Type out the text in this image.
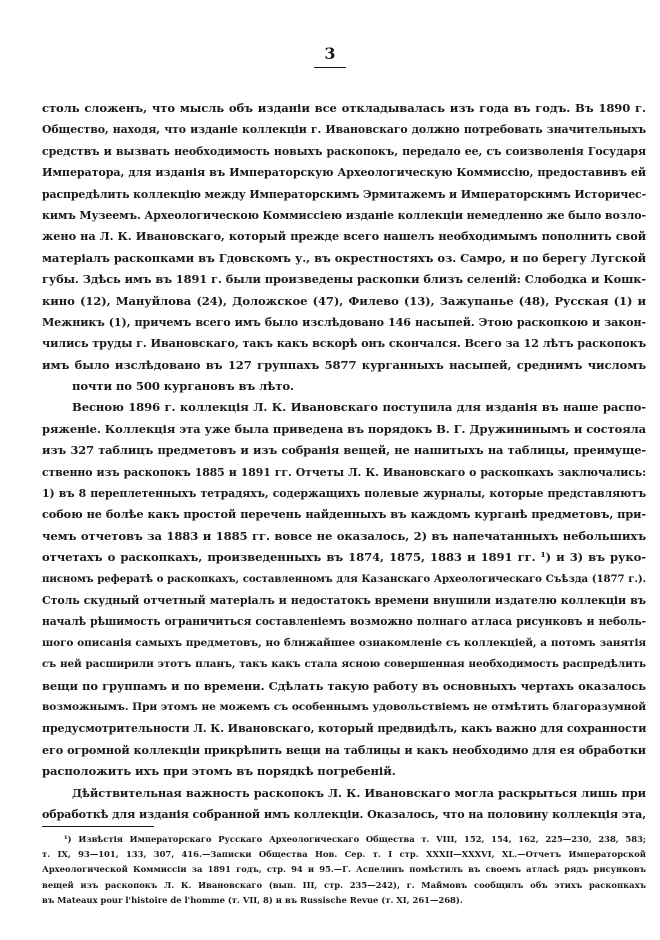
3
столь сложенъ, что мысль объ изданіи все откладывалась изъ года въ годъ. Въ 1890 г.
Общество, находя, что изданіе коллекціи г. Ивановскаго должно потребовать значительныхъ
средствъ и вызвать необходимость новыхъ раскопокъ, передало ее, съ соизволенія Государя
Императора, для изданія въ Императорскую Археологическую Коммиссію, предоставивъ ей
распредѣлить коллекцію между Императорскимъ Эрмитажемъ и Императорскимъ Историчес-
кимъ Музеемъ. Археологическою Коммиссіею изданіе коллекціи немедленно же было возло-
жено на Л. К. Ивановскаго, который прежде всего нашелъ необходимымъ пополнить свой
матеріалъ раскопками въ Гдовскомъ у., въ окрестностяхъ оз. Самро, и по берегу Лугской
губы. Здѣсь имъ въ 1891 г. были произведены раскопки близъ селеній: Слободка и Кошк-
кино (12), Мануйлова (24), Доложское (47), Филево (13), Зажупанье (48), Русская (1) и
Межникъ (1), причемъ всего имъ было изслѣдовано 146 насыпей. Этою раскопкою и закон-
чились труды г. Ивановскаго, такъ какъ вскорѣ онъ скончался. Всего за 12 лѣтъ раскопокъ
имъ было изслѣдовано въ 127 группахъ 5877 курганныхъ насыпей, среднимъ числомъ
почти по 500 кургановъ въ лѣто.
Весною 1896 г. коллекція Л. К. Ивановскаго поступила для изданія въ наше распо-
ряженіе. Коллекція эта уже была приведена въ порядокъ В. Г. Дружининымъ и состояла
изъ 327 таблицъ предметовъ и изъ собранія вещей, не нашитыхъ на таблицы, преимуще-
ственно изъ раскопокъ 1885 и 1891 гг. Отчеты Л. К. Ивановскаго о раскопкахъ заключались:
1) въ 8 переплетенныхъ тетрадяхъ, содержащихъ полевые журналы, которые представляютъ
собою не болѣе какъ простой перечень найденныхъ въ каждомъ курганѣ предметовъ, при-
чемъ отчетовъ за 1883 и 1885 гг. вовсе не оказалось, 2) въ напечатанныхъ небольшихъ
отчетахъ о раскопкахъ, произведенныхъ въ 1874, 1875, 1883 и 1891 гг. ¹) и 3) въ руко-
писномъ рефератѣ о раскопкахъ, составленномъ для Казанскаго Археологическаго Съѣзда (1877 г.).
Столь скудный отчетный матеріалъ и недостатокъ времени внушили издателю коллекціи въ
началѣ рѣшимость ограничиться составленіемъ возможно полнаго атласа рисунковъ и неболь-
шого описанія самыхъ предметовъ, но ближайшее ознакомленіе съ коллекціей, а потомъ занятія
съ ней расширили этотъ планъ, такъ какъ стала ясною совершенная необходимость распредѣлить
вещи по группамъ и по времени. Сдѣлать такую работу въ основныхъ чертахъ оказалось
возможнымъ. При этомъ не можемъ съ особеннымъ удовольствіемъ не отмѣтить благоразумной
предусмотрительности Л. К. Ивановскаго, который предвидѣлъ, какъ важно для сохранности
его огромной коллекціи прикрѣпить вещи на таблицы и какъ необходимо для ея обработки
расположить ихъ при этомъ въ порядкѣ погребеній.
Дѣйствительная важность раскопокъ Л. К. Ивановскаго могла раскрыться лишь при
обработкѣ для изданія собранной имъ коллекціи. Оказалось, что на половину коллекція эта,
¹) Извѣстія Императорскаго Русскаго Археологическаго Общества т. VIII, 152, 154, 162, 225—230, 238, 583;
т. IX, 93—101, 133, 307, 416.—Записки Общества Нов. Сер. т. I стр. XXXII—XXXVI, XL.—Отчетъ Императорской
Археологической Коммиссіи за 1891 годъ, стр. 94 и 95.—Г. Аспелинъ помѣстилъ въ своемъ атласѣ рядъ рисунковъ
вещей изъ раскопокъ Л. К. Ивановскаго (вып. III, стр. 235—242), г. Маймовъ сообщилъ объ этихъ раскопкахъ
въ Mateaux pour l'histoire de l'homme (т. VII, 8) и въ Russische Revue (т. XI, 261—268).
